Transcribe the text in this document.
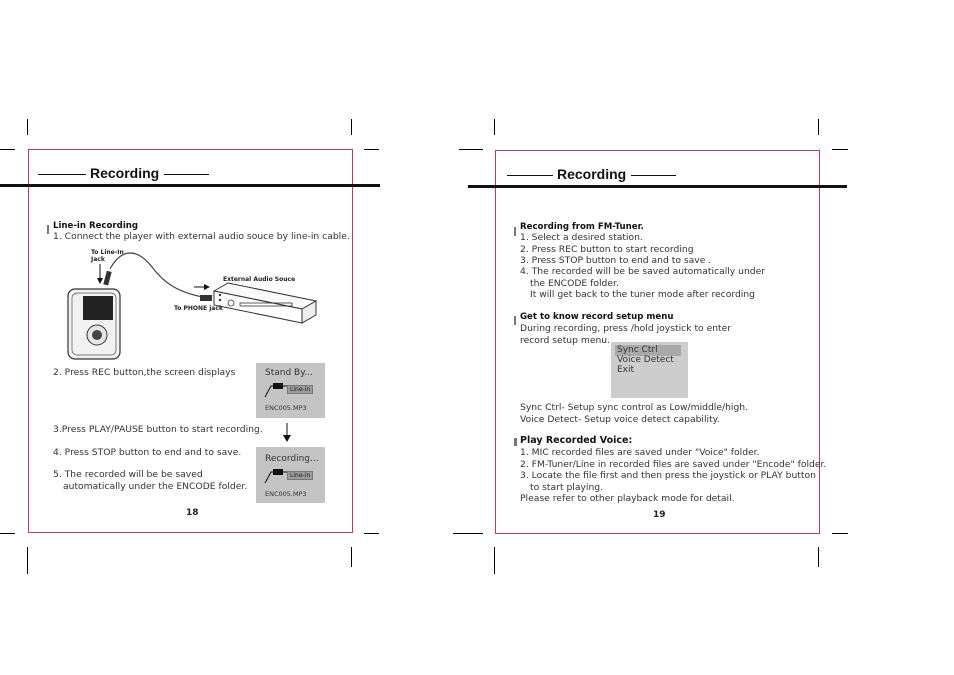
Recording
Line-in Recording
1. Connect the player with external audio souce by line-in cable.
To Line-In
Jack
External Audio Souce
To PHONE jack
2. Press REC button,the screen displays
3.Press PLAY/PAUSE button to start recording.
4. Press STOP button to end and to save.
5. The recorded will be be saved
automatically under the ENCODE folder.
Stand By...
Line-in
ENC005.MP3
Recording...
Line-in
ENC005.MP3
18
Recording
Recording from FM-Tuner.
1. Select a desired station.
2. Press REC button to start recording
3. Press STOP button to end and to save .
4. The recorded will be be saved automatically under
the ENCODE folder.
It will get back to the tuner mode after recording
Get to know record setup menu
During recording, press /hold joystick to enter
record setup menu.
Sync Ctrl
Voice Detect
Exit
Sync Ctrl- Setup sync control as Low/middle/high.
Voice Detect- Setup voice detect capability.
Play Recorded Voice:
1. MIC recorded files are saved under "Voice" folder.
2. FM-Tuner/Line in recorded files are saved under "Encode" folder.
3. Locate the file first and then press the joystick or PLAY button
to start playing.
Please refer to other playback mode for detail.
19
